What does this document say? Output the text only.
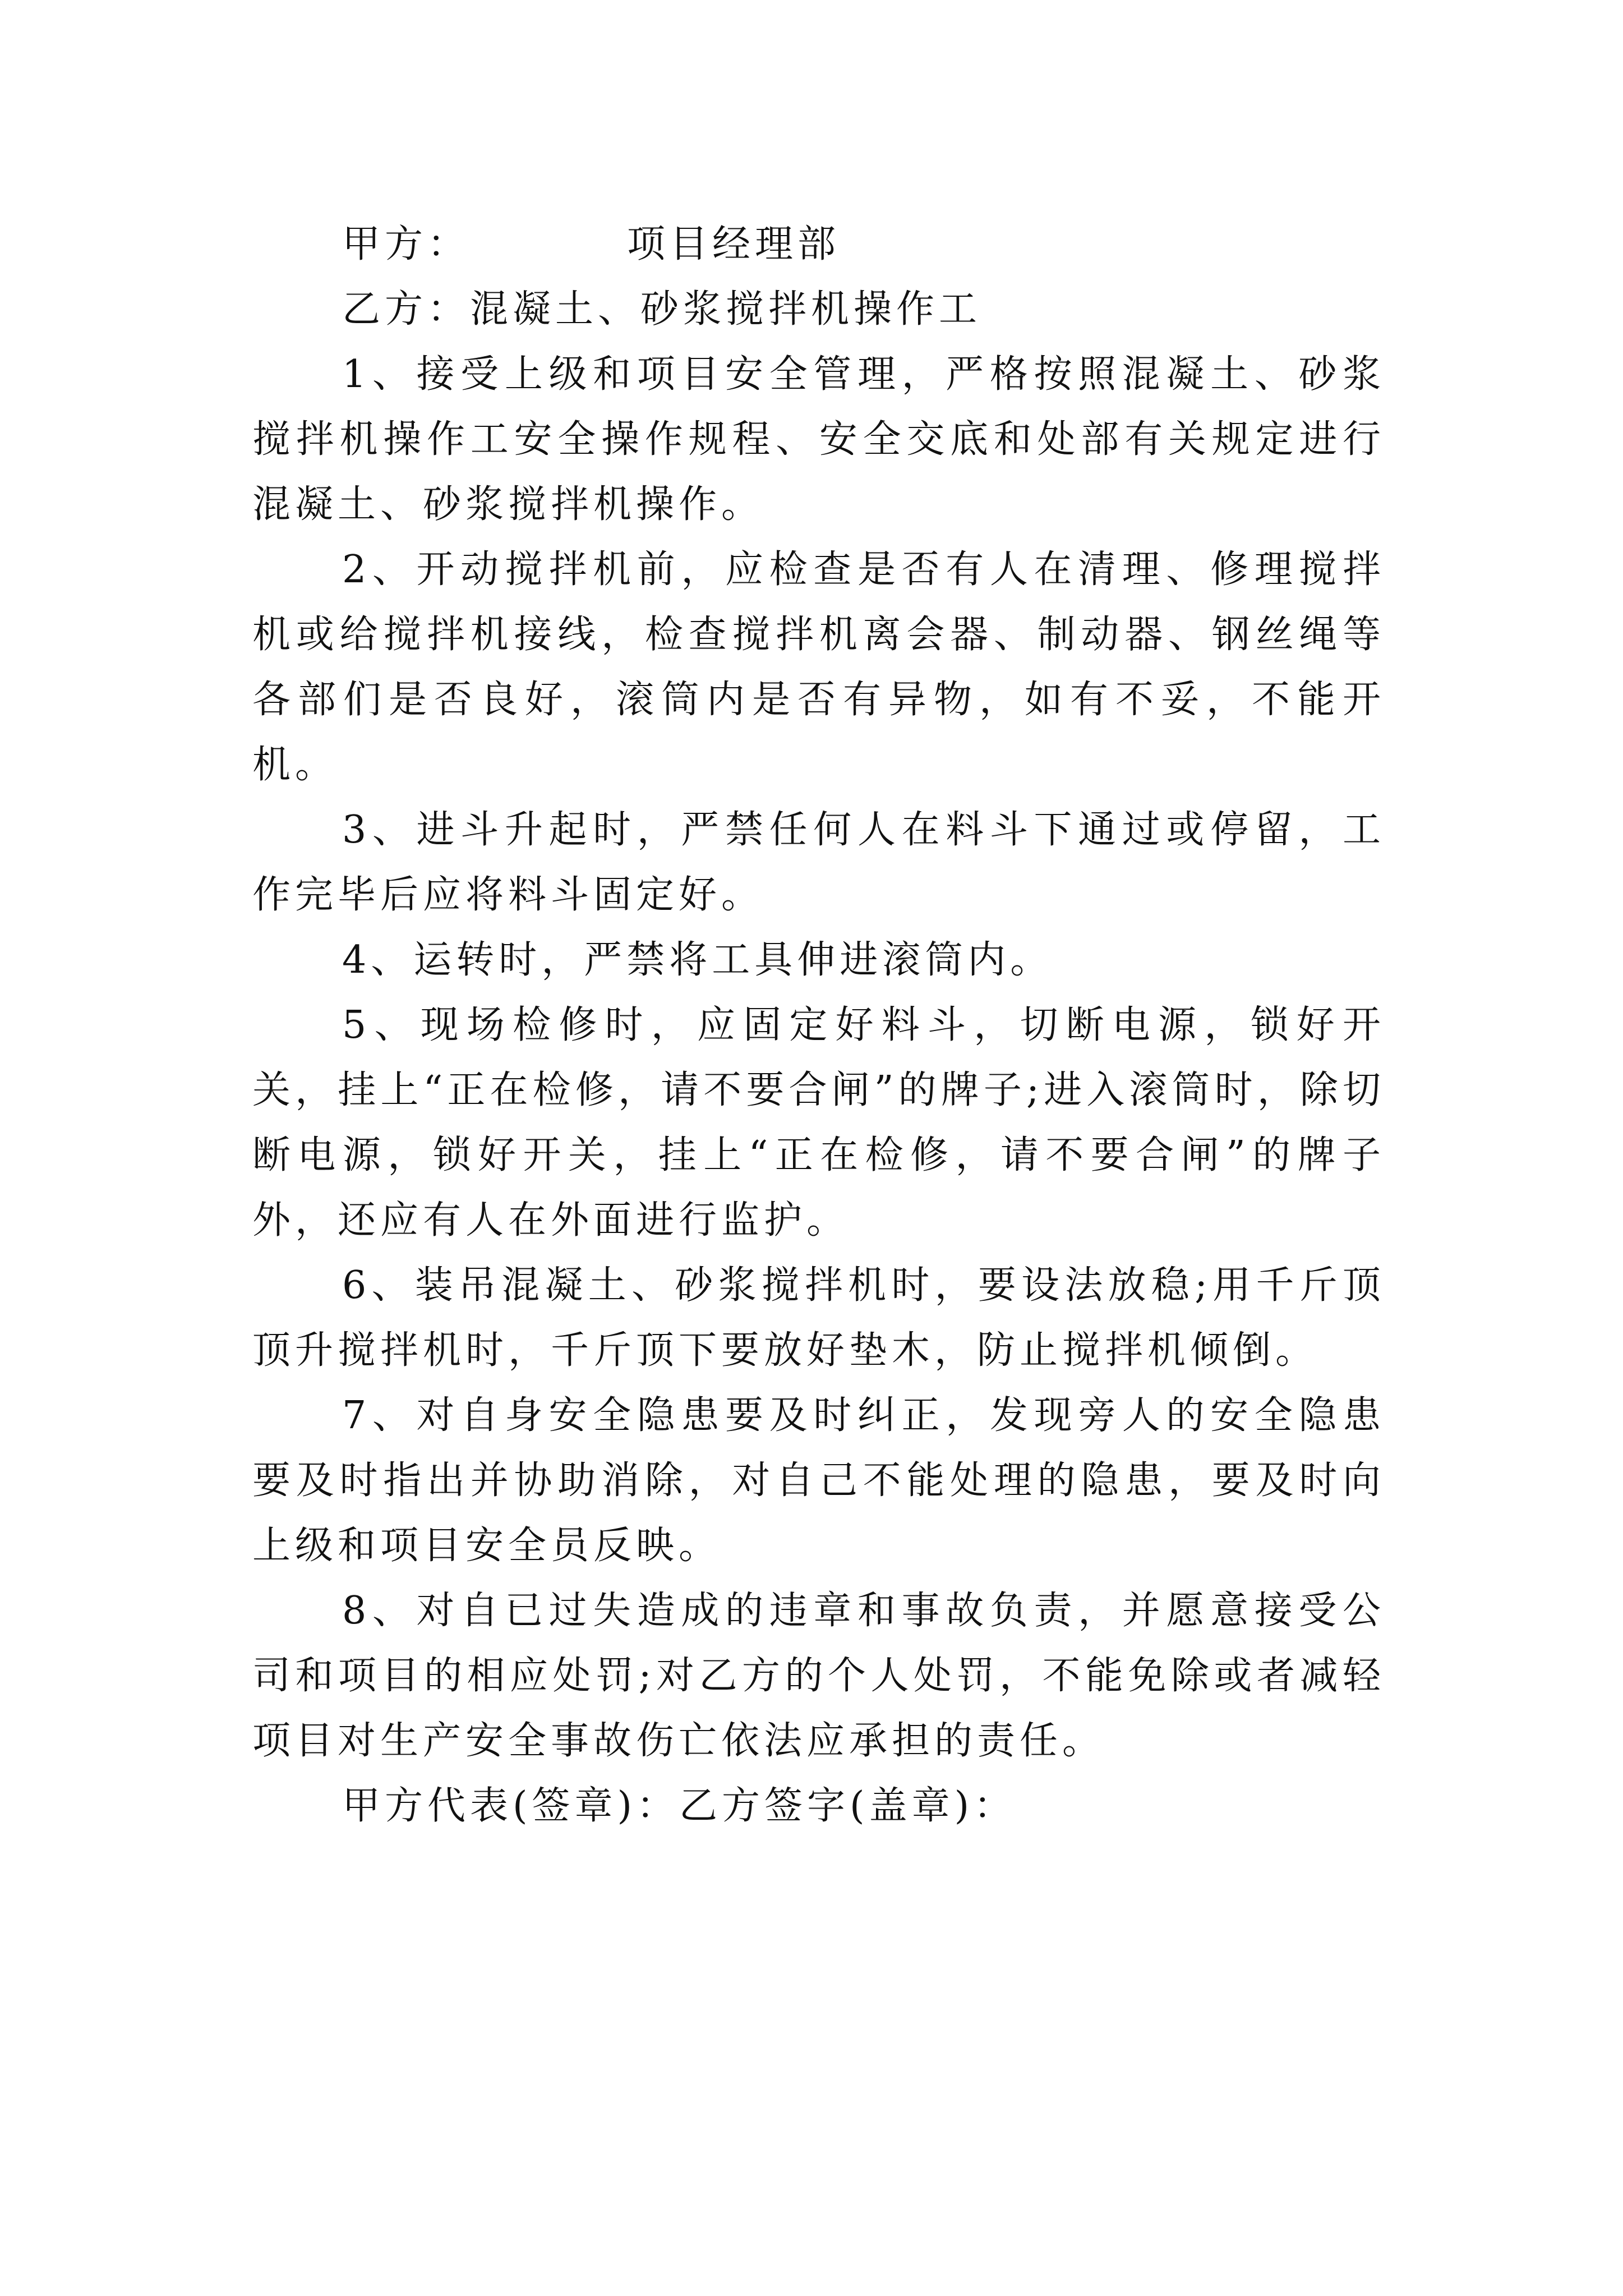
甲方：	项目经理部

乙方：混凝土、砂浆搅拌机操作工

1、接受上级和项目安全管理，严格按照混凝土、砂浆搅拌机操作工安全操作规程、安全交底和处部有关规定进行混凝土、砂浆搅拌机操作。

2、开动搅拌机前，应检查是否有人在清理、修理搅拌机或给搅拌机接线，检查搅拌机离会器、制动器、钢丝绳等各部们是否良好，滚筒内是否有异物，如有不妥，不能开机。

3、进斗升起时，严禁任何人在料斗下通过或停留，工作完毕后应将料斗固定好。

4、运转时，严禁将工具伸进滚筒内。

5、现场检修时，应固定好料斗，切断电源，锁好开关，挂上“正在检修，请不要合闸”的牌子;进入滚筒时，除切断电源，锁好开关，挂上“正在检修，请不要合闸”的牌子外，还应有人在外面进行监护。

6、装吊混凝土、砂浆搅拌机时，要设法放稳;用千斤顶顶升搅拌机时，千斤顶下要放好垫木，防止搅拌机倾倒。

7、对自身安全隐患要及时纠正，发现旁人的安全隐患要及时指出并协助消除，对自己不能处理的隐患，要及时向上级和项目安全员反映。

8、对自已过失造成的违章和事故负责，并愿意接受公司和项目的相应处罚;对乙方的个人处罚，不能免除或者减轻项目对生产安全事故伤亡依法应承担的责任。

甲方代表(签章)：乙方签字(盖章)：
